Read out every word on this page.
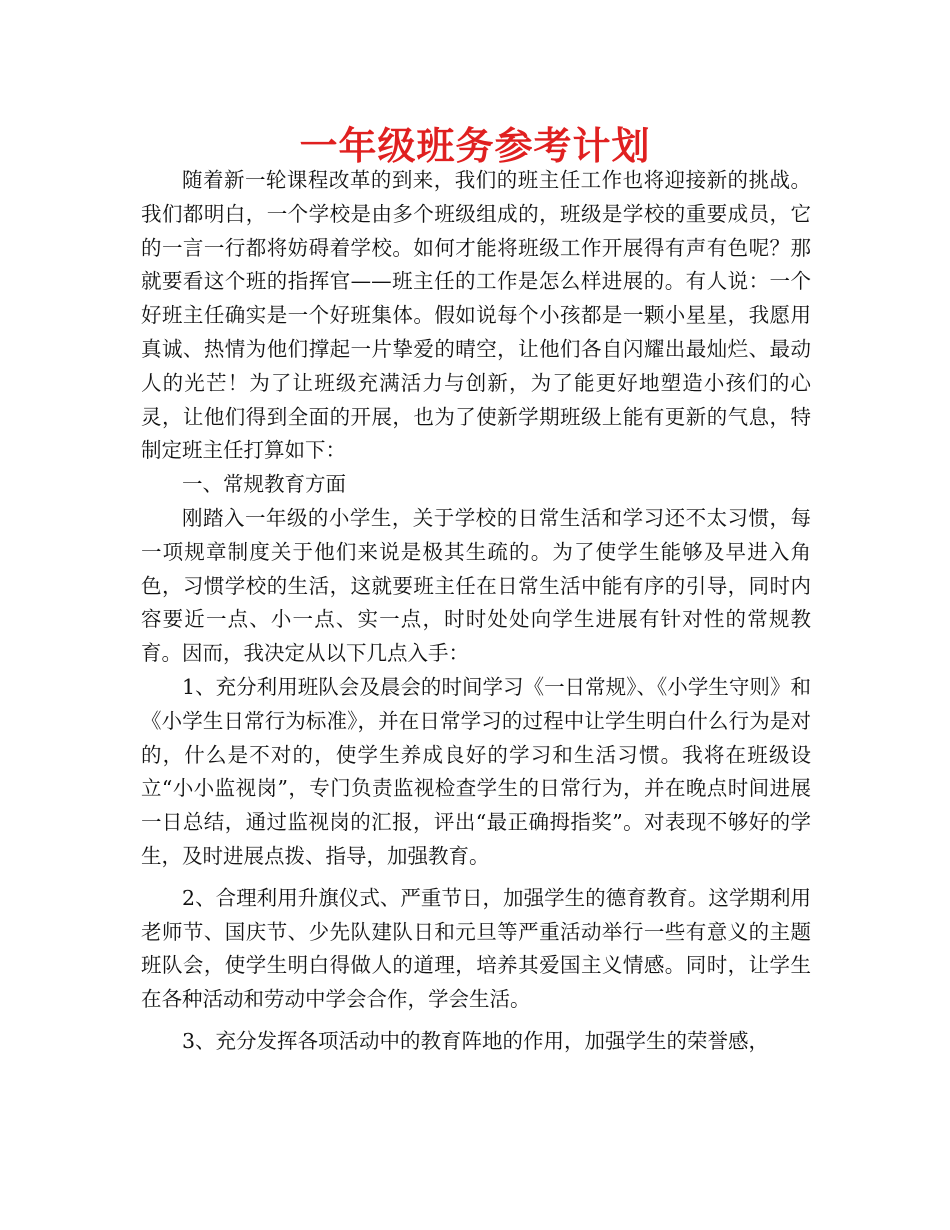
一年级班务参考计划

随着新一轮课程改革的到来，我们的班主任工作也将迎接新的挑战。我们都明白，一个学校是由多个班级组成的，班级是学校的重要成员，它的一言一行都将妨碍着学校。如何才能将班级工作开展得有声有色呢？那就要看这个班的指挥官——班主任的工作是怎么样进展的。有人说：一个好班主任确实是一个好班集体。假如说每个小孩都是一颗小星星，我愿用真诚、热情为他们撑起一片挚爱的晴空，让他们各自闪耀出最灿烂、最动人的光芒！为了让班级充满活力与创新，为了能更好地塑造小孩们的心灵，让他们得到全面的开展，也为了使新学期班级上能有更新的气息，特制定班主任打算如下：

一、常规教育方面

刚踏入一年级的小学生，关于学校的日常生活和学习还不太习惯，每一项规章制度关于他们来说是极其生疏的。为了使学生能够及早进入角色，习惯学校的生活，这就要班主任在日常生活中能有序的引导，同时内容要近一点、小一点、实一点，时时处处向学生进展有针对性的常规教育。因而，我决定从以下几点入手：

1、充分利用班队会及晨会的时间学习《一日常规》、《小学生守则》和《小学生日常行为标准》，并在日常学习的过程中让学生明白什么行为是对的，什么是不对的，使学生养成良好的学习和生活习惯。我将在班级设立“小小监视岗”，专门负责监视检查学生的日常行为，并在晚点时间进展一日总结，通过监视岗的汇报，评出“最正确拇指奖”。对表现不够好的学生，及时进展点拨、指导，加强教育。

2、合理利用升旗仪式、严重节日，加强学生的德育教育。这学期利用老师节、国庆节、少先队建队日和元旦等严重活动举行一些有意义的主题班队会，使学生明白得做人的道理，培养其爱国主义情感。同时，让学生在各种活动和劳动中学会合作，学会生活。

3、充分发挥各项活动中的教育阵地的作用，加强学生的荣誉感，
